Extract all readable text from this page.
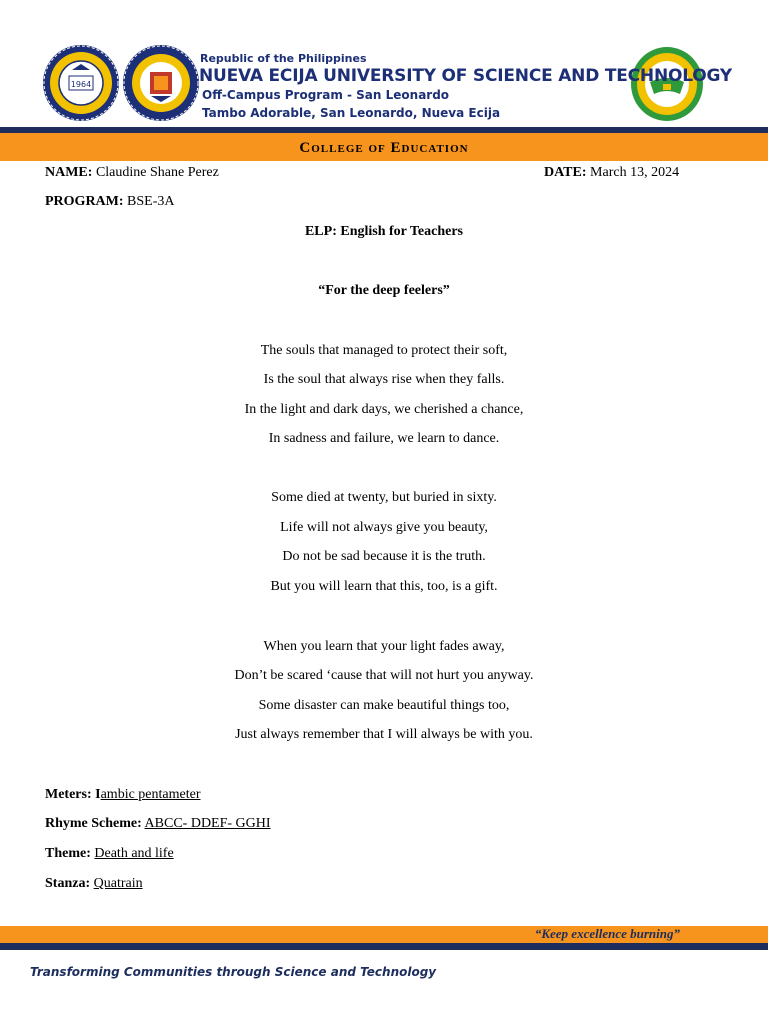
1964
Republic of the Philippines
NUEVA ECIJA UNIVERSITY OF SCIENCE AND TECHNOLOGY
Off-Campus Program - San Leonardo
Tambo Adorable, San Leonardo, Nueva Ecija
College of Education
NAME: Claudine Shane Perez	DATE: March 13, 2024
PROGRAM: BSE-3A
ELP: English for Teachers
“For the deep feelers”
The souls that managed to protect their soft,
Is the soul that always rise when they falls.
In the light and dark days, we cherished a chance,
In sadness and failure, we learn to dance.
Some died at twenty, but buried in sixty.
Life will not always give you beauty,
Do not be sad because it is the truth.
But you will learn that this, too, is a gift.
When you learn that your light fades away,
Don’t be scared ‘cause that will not hurt you anyway.
Some disaster can make beautiful things too,
Just always remember that I will always be with you.
Meters: Iambic pentameter
Rhyme Scheme: ABCC- DDEF- GGHI
Theme: Death and life
Stanza: Quatrain
“Keep excellence burning”
Transforming Communities through Science and Technology
